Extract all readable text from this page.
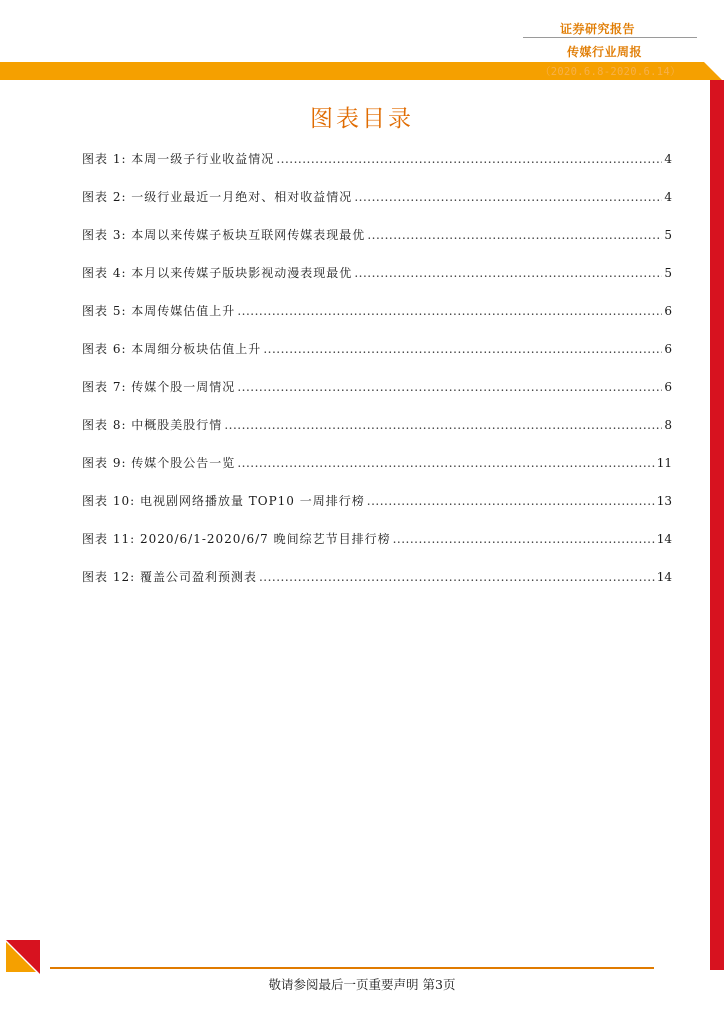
证券研究报告
传媒行业周报
（2020.6.8-2020.6.14）
图表目录
图表 1: 本周一级子行业收益情况 .....	4
图表 2: 一级行业最近一月绝对、相对收益情况 .....	4
图表 3: 本周以来传媒子板块互联网传媒表现最优 .....	5
图表 4: 本月以来传媒子版块影视动漫表现最优 .....	5
图表 5: 本周传媒估值上升 .....	6
图表 6: 本周细分板块估值上升 .....	6
图表 7: 传媒个股一周情况 .....	6
图表 8: 中概股美股行情 .....	8
图表 9: 传媒个股公告一览 .....	11
图表 10: 电视剧网络播放量 TOP10 一周排行榜 .....	13
图表 11: 2020/6/1-2020/6/7 晚间综艺节目排行榜 .....	14
图表 12: 覆盖公司盈利预测表 .....	14
敬请参阅最后一页重要声明 第3页
